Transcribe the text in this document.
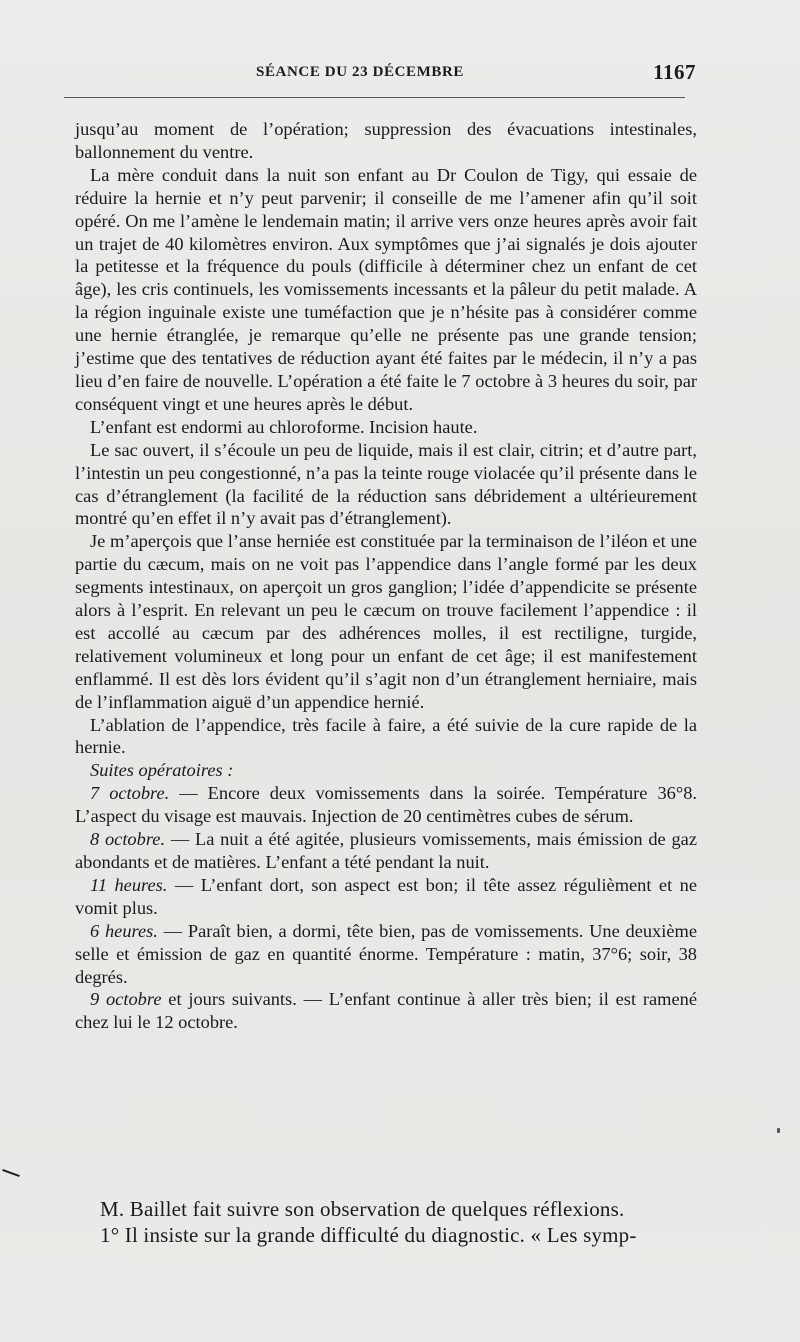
SÉANCE DU 23 DÉCEMBRE	1167

jusqu’au moment de l’opération; suppression des évacuations intestinales, ballonnement du ventre.

La mère conduit dans la nuit son enfant au Dr Coulon de Tigy, qui essaie de réduire la hernie et n’y peut parvenir; il conseille de me l’amener afin qu’il soit opéré. On me l’amène le lendemain matin; il arrive vers onze heures après avoir fait un trajet de 40 kilomètres environ. Aux symptômes que j’ai signalés je dois ajouter la petitesse et la fréquence du pouls (difficile à déterminer chez un enfant de cet âge), les cris continuels, les vomissements incessants et la pâleur du petit malade. A la région inguinale existe une tuméfaction que je n’hésite pas à considérer comme une hernie étranglée, je remarque qu’elle ne présente pas une grande tension; j’estime que des tentatives de réduction ayant été faites par le médecin, il n’y a pas lieu d’en faire de nouvelle. L’opération a été faite le 7 octobre à 3 heures du soir, par conséquent vingt et une heures après le début.

L’enfant est endormi au chloroforme. Incision haute.

Le sac ouvert, il s’écoule un peu de liquide, mais il est clair, citrin; et d’autre part, l’intestin un peu congestionné, n’a pas la teinte rouge violacée qu’il présente dans le cas d’étranglement (la facilité de la réduction sans débridement a ultérieurement montré qu’en effet il n’y avait pas d’étranglement).

Je m’aperçois que l’anse herniée est constituée par la terminaison de l’iléon et une partie du cæcum, mais on ne voit pas l’appendice dans l’angle formé par les deux segments intestinaux, on aperçoit un gros ganglion; l’idée d’appendicite se présente alors à l’esprit. En relevant un peu le cæcum on trouve facilement l’appendice : il est accollé au cæcum par des adhérences molles, il est rectiligne, turgide, relativement volumineux et long pour un enfant de cet âge; il est manifestement enflammé. Il est dès lors évident qu’il s’agit non d’un étranglement herniaire, mais de l’inflammation aiguë d’un appendice hernié.

L’ablation de l’appendice, très facile à faire, a été suivie de la cure rapide de la hernie.

Suites opératoires :

7 octobre. — Encore deux vomissements dans la soirée. Température 36°8. L’aspect du visage est mauvais. Injection de 20 centimètres cubes de sérum.

8 octobre. — La nuit a été agitée, plusieurs vomissements, mais émission de gaz abondants et de matières. L’enfant a tété pendant la nuit.

11 heures. — L’enfant dort, son aspect est bon; il tête assez régulièment et ne vomit plus.

6 heures. — Paraît bien, a dormi, tête bien, pas de vomissements. Une deuxième selle et émission de gaz en quantité énorme. Température : matin, 37°6; soir, 38 degrés.

9 octobre et jours suivants. — L’enfant continue à aller très bien; il est ramené chez lui le 12 octobre.

M. Baillet fait suivre son observation de quelques réflexions.

1° Il insiste sur la grande difficulté du diagnostic. « Les symp-
